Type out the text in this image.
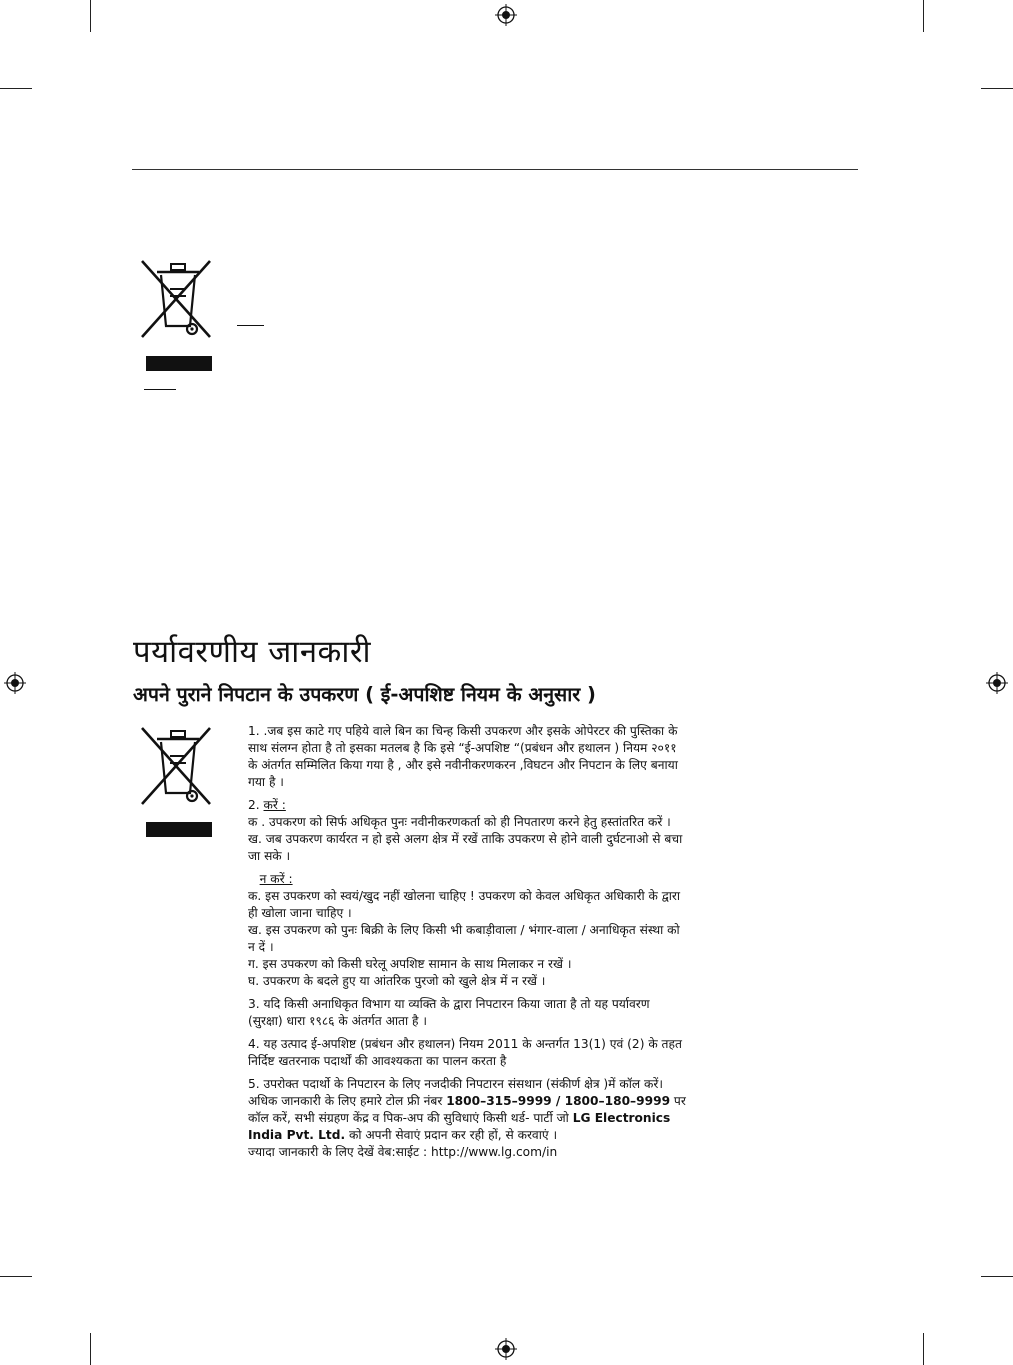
पर्यावरणीय जानकारी
अपने पुराने निपटान के उपकरण ( ई-अपशिष्ट नियम के अनुसार )

1. .जब इस काटे गए पहिये वाले बिन का चिन्ह किसी उपकरण और इसके ओपेरटर की पुस्तिका के साथ संलग्न होता है तो इसका मतलब है कि इसे “ई-अपशिष्ट “(प्रबंधन और हथालन ) नियम २०११ के अंतर्गत सम्मिलित किया गया है , और इसे नवीनीकरणकरन ,विघटन और निपटान के लिए बनाया गया है ।

2. करें :

क . उपकरण को सिर्फ अधिकृत पुनः नवीनीकरणकर्ता को ही निपतारण करने हेतु हस्तांतरित करें ।

ख. जब उपकरण कार्यरत न हो इसे अलग क्षेत्र में रखें ताकि उपकरण से होने वाली दुर्घटनाओ से बचा जा सके ।

न करें :

क. इस उपकरण को स्वयं/खुद नहीं खोलना चाहिए ! उपकरण को केवल अधिकृत अधिकारी के द्वारा ही खोला जाना चाहिए ।

ख. इस उपकरण को पुनः बिक्री के लिए किसी भी कबाड़ीवाला / भंगार-वाला / अनाधिकृत संस्था को न दें ।

ग. इस उपकरण को किसी घरेलू अपशिष्ट सामान के साथ मिलाकर न रखें ।

घ. उपकरण के बदले हुए या आंतरिक पुरजो को खुले क्षेत्र में न रखें ।

3. यदि किसी अनाधिकृत विभाग या व्यक्ति के द्वारा निपटारन किया जाता है तो यह पर्यावरण (सुरक्षा) धारा १९८६ के अंतर्गत आता है ।

4. यह उत्पाद ई-अपशिष्ट (प्रबंधन और हथालन) नियम 2011 के अन्तर्गत 13(1) एवं (2) के तहत निर्दिष्ट खतरनाक पदार्थों की आवश्यकता का पालन करता है

5. उपरोक्त पदार्थो के निपटारन के लिए नजदीकी निपटारन संसथान (संकीर्ण क्षेत्र )में कॉल करें। अधिक जानकारी के लिए हमारे टोल फ्री नंबर 1800–315–9999 / 1800–180–9999 पर कॉल करें, सभी संग्रहण केंद्र व पिक-अप की सुविधाएं किसी थर्ड- पार्टी जो LG Electronics India Pvt. Ltd. को अपनी सेवाएं प्रदान कर रही हों, से करवाएं ।

ज्यादा जानकारी के लिए देखें वेब:साईट : http://www.lg.com/in
